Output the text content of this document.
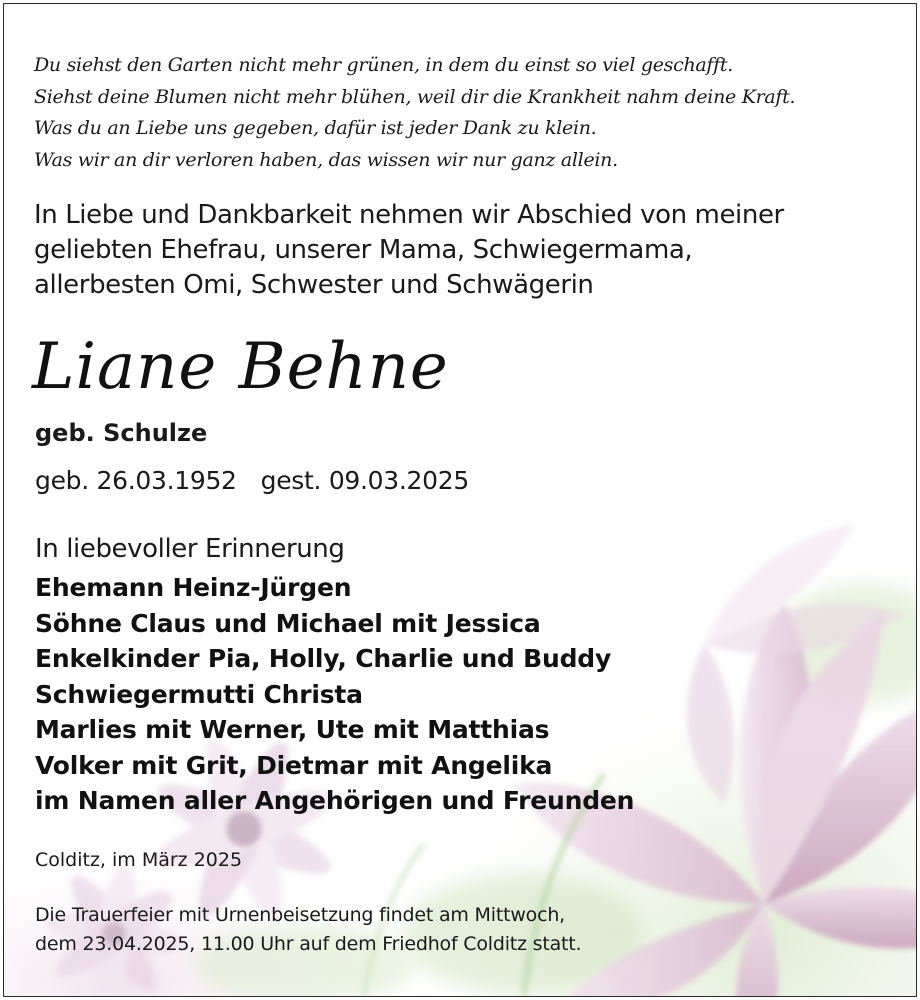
Du siehst den Garten nicht mehr grünen, in dem du einst so viel geschafft.
Siehst deine Blumen nicht mehr blühen, weil dir die Krankheit nahm deine Kraft.
Was du an Liebe uns gegeben, dafür ist jeder Dank zu klein.
Was wir an dir verloren haben, das wissen wir nur ganz allein.
In Liebe und Dankbarkeit nehmen wir Abschied von meiner
geliebten Ehefrau, unserer Mama, Schwiegermama,
allerbesten Omi, Schwester und Schwägerin
Liane Behne
geb. Schulze
geb. 26.03.1952 gest. 09.03.2025
In liebevoller Erinnerung
Ehemann Heinz-Jürgen
Söhne Claus und Michael mit Jessica
Enkelkinder Pia, Holly, Charlie und Buddy
Schwiegermutti Christa
Marlies mit Werner, Ute mit Matthias
Volker mit Grit, Dietmar mit Angelika
im Namen aller Angehörigen und Freunden
Colditz, im März 2025
Die Trauerfeier mit Urnenbeisetzung findet am Mittwoch,
dem 23.04.2025, 11.00 Uhr auf dem Friedhof Colditz statt.
